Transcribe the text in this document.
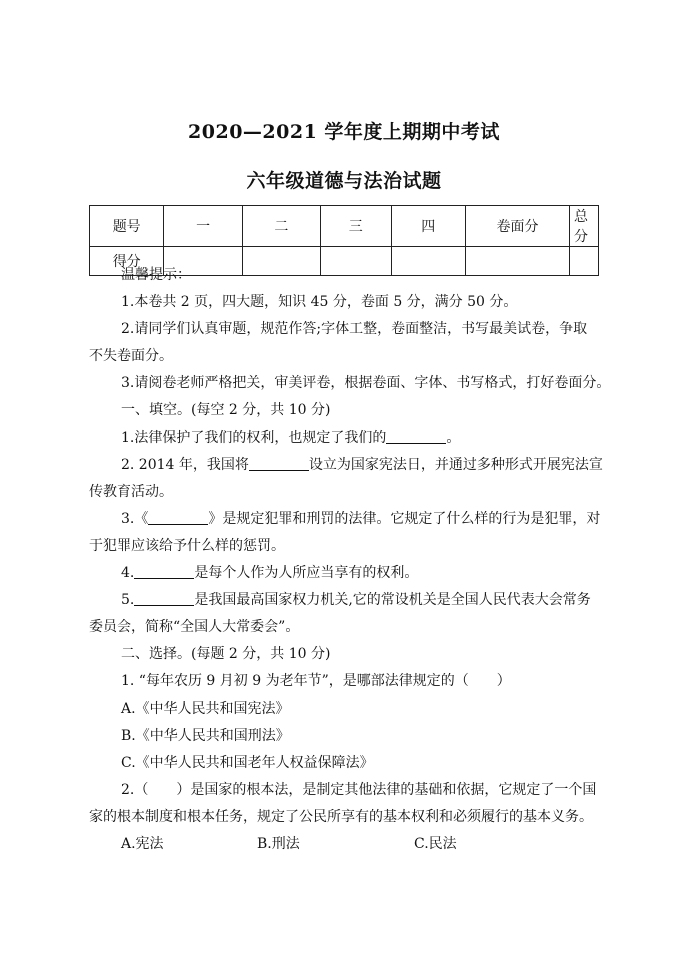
2020—2021 学年度上期期中考试
六年级道德与法治试题
题号	一	二	三	四	卷面分	总分
得分						
温馨提示：
1.本卷共 2 页，四大题，知识 45 分，卷面 5 分，满分 50 分。
2.请同学们认真审题，规范作答;字体工整，卷面整洁，书写最美试卷，争取
不失卷面分。
3.请阅卷老师严格把关，审美评卷，根据卷面、字体、书写格式，打好卷面分。
一、填空。(每空 2 分，共 10 分)
1.法律保护了我们的权利，也规定了我们的	。
2. 2014 年，我国将	设立为国家宪法日，并通过多种形式开展宪法宣
传教育活动。
3.《	》是规定犯罪和刑罚的法律。它规定了什么样的行为是犯罪，对
于犯罪应该给予什么样的惩罚。
4.	是每个人作为人所应当享有的权利。
5.	是我国最高国家权力机关,它的常设机关是全国人民代表大会常务
委员会，简称“全国人大常委会”。
二、选择。(每题 2 分，共 10 分)
1. “每年农历 9 月初 9 为老年节”，是哪部法律规定的（　　）
A.《中华人民共和国宪法》
B.《中华人民共和国刑法》
C.《中华人民共和国老年人权益保障法》
2.（　　）是国家的根本法，是制定其他法律的基础和依据，它规定了一个国
家的根本制度和根本任务，规定了公民所享有的基本权利和必须履行的基本义务。
A.宪法	B.刑法	C.民法
